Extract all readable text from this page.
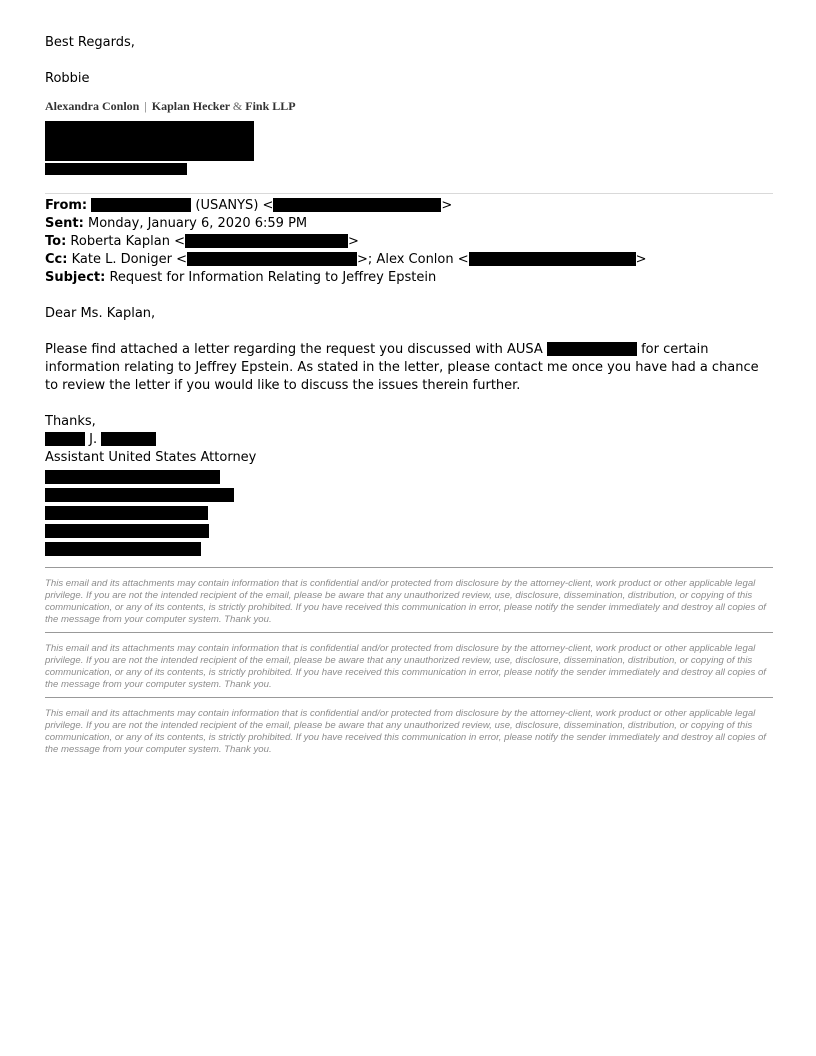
Best Regards,
Robbie
Alexandra Conlon | Kaplan Hecker & Fink LLP
From:	(USANYS) <	>
Sent: Monday, January 6, 2020 6:59 PM
To: Roberta Kaplan <	>
Cc: Kate L. Doniger <	>; Alex Conlon <	>
Subject: Request for Information Relating to Jeffrey Epstein
Dear Ms. Kaplan,
Please find attached a letter regarding the request you discussed with AUSA	for certain information relating to Jeffrey Epstein. As stated in the letter, please contact me once you have had a chance to review the letter if you would like to discuss the issues therein further.
Thanks,
J.
Assistant United States Attorney
This email and its attachments may contain information that is confidential and/or protected from disclosure by the attorney-client, work product or other applicable legal privilege. If you are not the intended recipient of the email, please be aware that any unauthorized review, use, disclosure, dissemination, distribution, or copying of this communication, or any of its contents, is strictly prohibited. If you have received this communication in error, please notify the sender immediately and destroy all copies of the message from your computer system. Thank you.
This email and its attachments may contain information that is confidential and/or protected from disclosure by the attorney-client, work product or other applicable legal privilege. If you are not the intended recipient of the email, please be aware that any unauthorized review, use, disclosure, dissemination, distribution, or copying of this communication, or any of its contents, is strictly prohibited. If you have received this communication in error, please notify the sender immediately and destroy all copies of the message from your computer system. Thank you.
This email and its attachments may contain information that is confidential and/or protected from disclosure by the attorney-client, work product or other applicable legal privilege. If you are not the intended recipient of the email, please be aware that any unauthorized review, use, disclosure, dissemination, distribution, or copying of this communication, or any of its contents, is strictly prohibited. If you have received this communication in error, please notify the sender immediately and destroy all copies of the message from your computer system. Thank you.
